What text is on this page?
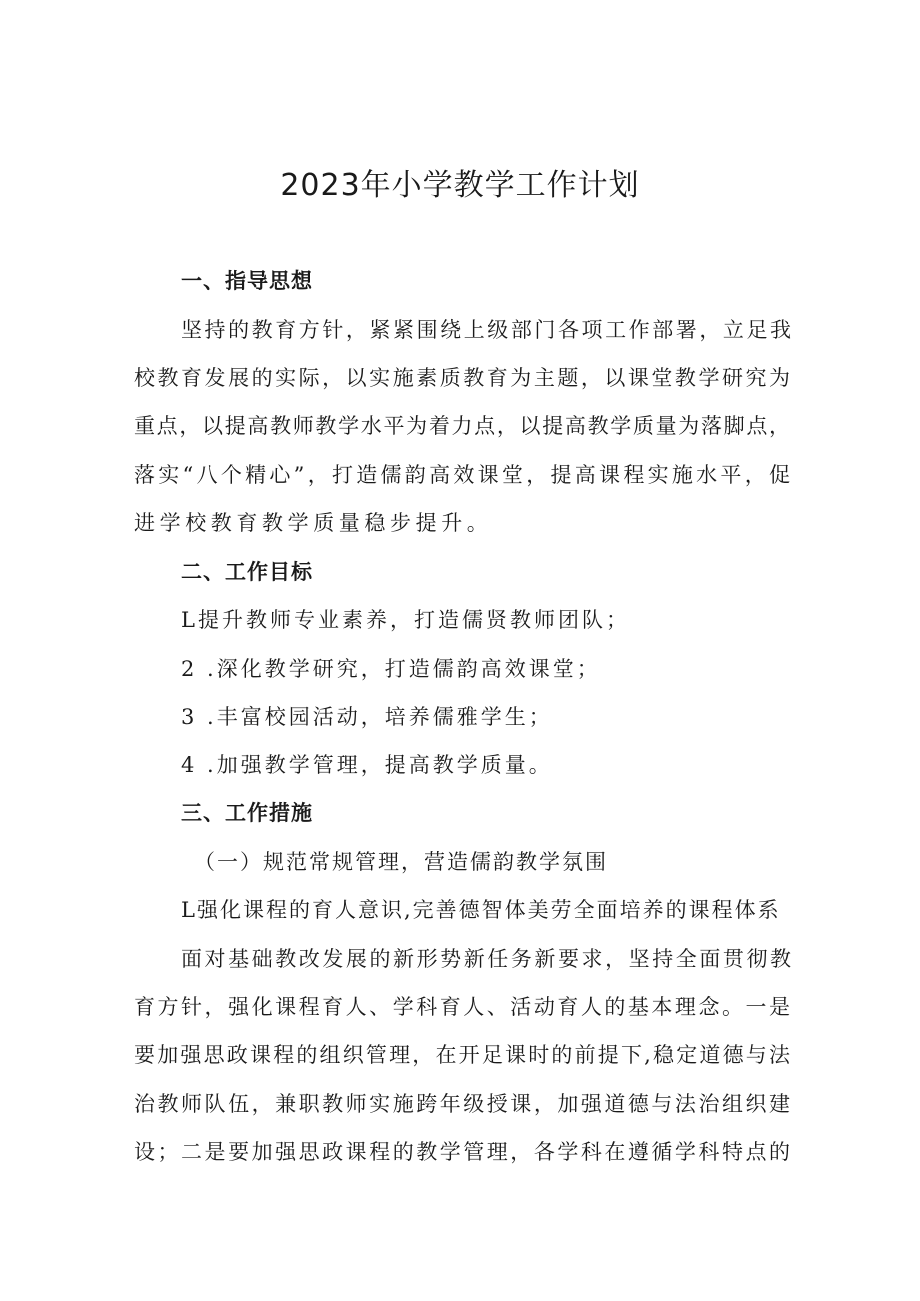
2023年小学教学工作计划

一、指导思想

坚持的教育方针，紧紧围绕上级部门各项工作部署，立足我

校教育发展的实际，以实施素质教育为主题，以课堂教学研究为

重点，以提高教师教学水平为着力点，以提高教学质量为落脚点，

落实“八个精心”，打造儒韵高效课堂，提高课程实施水平，促

进学校教育教学质量稳步提升。

二、工作目标

L提升教师专业素养，打造儒贤教师团队；

2 .深化教学研究，打造儒韵高效课堂；

3 .丰富校园活动，培养儒雅学生；

4 .加强教学管理，提高教学质量。

三、工作措施

（一）规范常规管理，营造儒韵教学氛围

L强化课程的育人意识,完善德智体美劳全面培养的课程体系

面对基础教改发展的新形势新任务新要求，坚持全面贯彻教

育方针，强化课程育人、学科育人、活动育人的基本理念。一是

要加强思政课程的组织管理，在开足课时的前提下,稳定道德与法

治教师队伍，兼职教师实施跨年级授课，加强道德与法治组织建

设；二是要加强思政课程的教学管理，各学科在遵循学科特点的
